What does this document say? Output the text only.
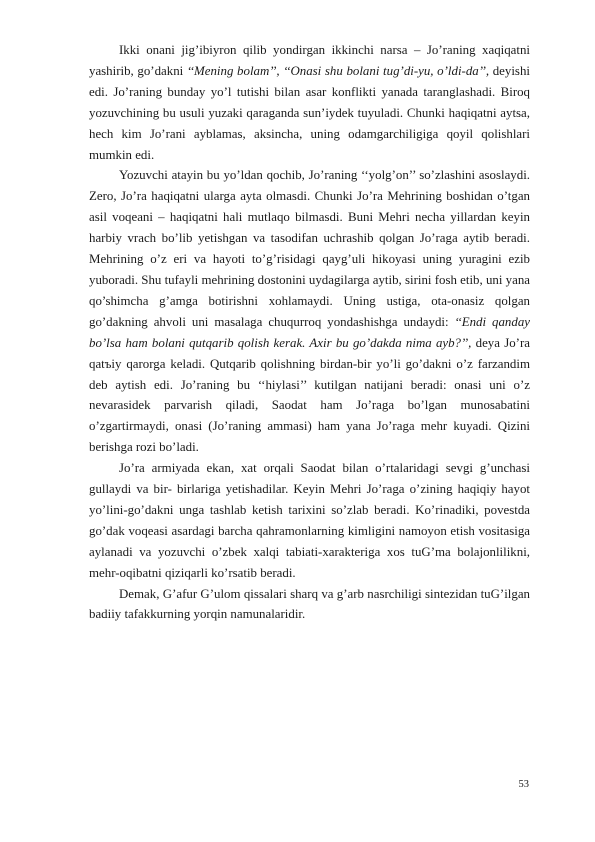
Ikki onani jig’ibiyron qilib yondirgan ikkinchi narsa – Jo’raning xaqiqatni yashirib, go’dakni ‘‘Mening bolam’’, ‘‘Onasi shu bolani tug’di-yu, o’ldi-da’’, deyishi edi. Jo’raning bunday yo’l tutishi bilan asar konflikti yanada taranglashadi. Biroq yozuvchining bu usuli yuzaki qaraganda sun’iydek tuyuladi. Chunki haqiqatni aytsa, hech kim Jo’rani ayblamas, aksincha, uning odamgarchiligiga qoyil qolishlari mumkin edi.

Yozuvchi atayin bu yo’ldan qochib, Jo’raning ‘‘yolg’on’’ so’zlashini asoslaydi. Zero, Jo’ra haqiqatni ularga ayta olmasdi. Chunki Jo’ra Mehrining boshidan o’tgan asil voqeani – haqiqatni hali mutlaqo bilmasdi. Buni Mehri necha yillardan keyin harbiy vrach bo’lib yetishgan va tasodifan uchrashib qolgan Jo’raga aytib beradi. Mehrining o’z eri va hayoti to’g’risidagi qayg’uli hikoyasi uning yuragini ezib yuboradi. Shu tufayli mehrining dostonini uydagilarga aytib, sirini fosh etib, uni yana qo’shimcha g’amga botirishni xohlamaydi. Uning ustiga, ota-onasiz qolgan go’dakning ahvoli uni masalaga chuqurroq yondashishga undaydi: ‘‘Endi qanday bo’lsa ham bolani qutqarib qolish kerak. Axir bu go’dakda nima ayb?’’, deya Jo’ra qatъiy qarorga keladi. Qutqarib qolishning birdan-bir yo’li go’dakni o’z farzandim deb aytish edi. Jo’raning bu ‘‘hiylasi’’ kutilgan natijani beradi: onasi uni o’z nevarasidek parvarish qiladi, Saodat ham Jo’raga bo’lgan munosabatini o’zgartirmaydi, onasi (Jo’raning ammasi) ham yana Jo’raga mehr kuyadi. Qizini berishga rozi bo’ladi.

Jo’ra armiyada ekan, xat orqali Saodat bilan o’rtalaridagi sevgi g’unchasi gullaydi va bir- birlariga yetishadilar. Keyin Mehri Jo’raga o’zining haqiqiy hayot yo’lini-go’dakni unga tashlab ketish tarixini so’zlab beradi. Ko’rinadiki, povestda go’dak voqeasi asardagi barcha qahramonlarning kimligini namoyon etish vositasiga aylanadi va yozuvchi o’zbek xalqi tabiati-xarakteriga xos tuG’ma bolajonlilikni, mehr-oqibatni qiziqarli ko’rsatib beradi.

Demak, G’afur G’ulom qissalari sharq va g’arb nasrchiligi sintezidan tuG’ilgan badiiy tafakkurning yorqin namunalaridir.

53
